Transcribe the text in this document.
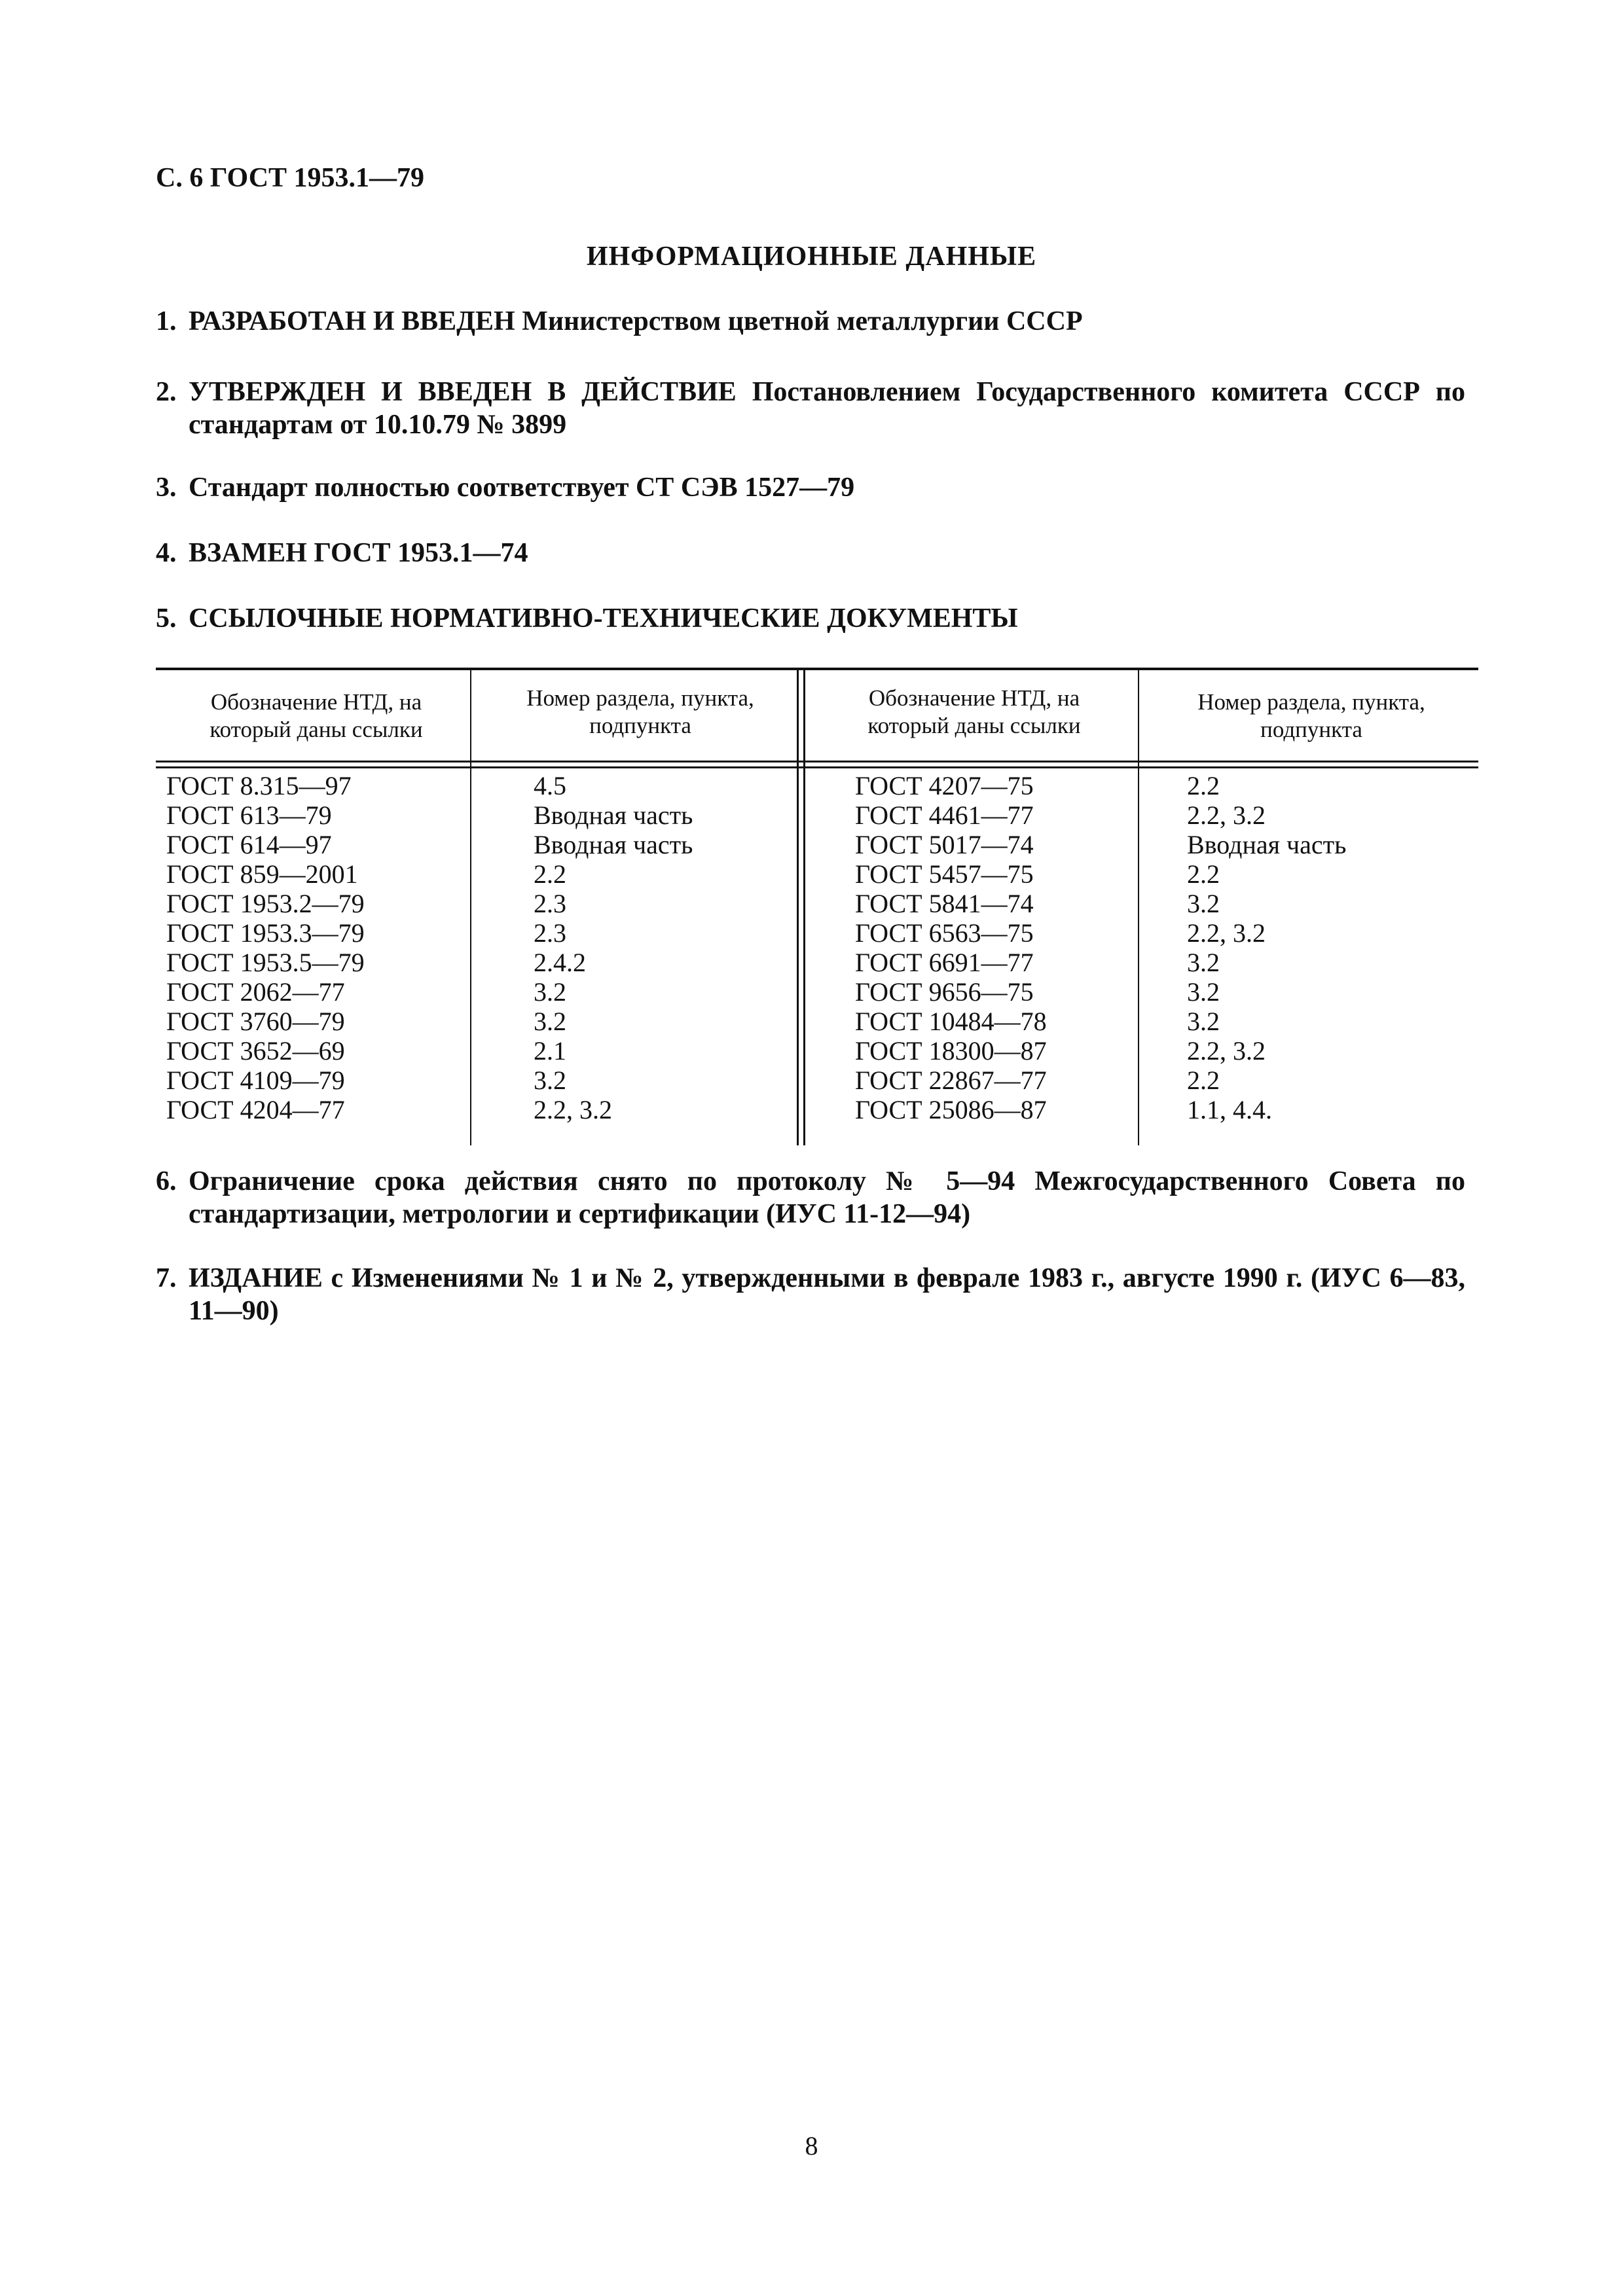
С. 6 ГОСТ 1953.1—79
ИНФОРМАЦИОННЫЕ ДАННЫЕ
1. РАЗРАБОТАН И ВВЕДЕН Министерством цветной металлургии СССР
2. УТВЕРЖДЕН И ВВЕДЕН В ДЕЙСТВИЕ Постановлением Государственного комитета СССР по стандартам от 10.10.79 № 3899
3. Стандарт полностью соответствует СТ СЭВ 1527—79
4. ВЗАМЕН ГОСТ 1953.1—74
5. ССЫЛОЧНЫЕ НОРМАТИВНО-ТЕХНИЧЕСКИЕ ДОКУМЕНТЫ
Обозначение НТД, на который даны ссылки
Номер раздела, пункта, подпункта
Обозначение НТД, на который даны ссылки
Номер раздела, пункта, подпункта
ГОСТ 8.315—97
ГОСТ 613—79
ГОСТ 614—97
ГОСТ 859—2001
ГОСТ 1953.2—79
ГОСТ 1953.3—79
ГОСТ 1953.5—79
ГОСТ 2062—77
ГОСТ 3760—79
ГОСТ 3652—69
ГОСТ 4109—79
ГОСТ 4204—77
4.5
Вводная часть
Вводная часть
2.2
2.3
2.3
2.4.2
3.2
3.2
2.1
3.2
2.2, 3.2
ГОСТ 4207—75
ГОСТ 4461—77
ГОСТ 5017—74
ГОСТ 5457—75
ГОСТ 5841—74
ГОСТ 6563—75
ГОСТ 6691—77
ГОСТ 9656—75
ГОСТ 10484—78
ГОСТ 18300—87
ГОСТ 22867—77
ГОСТ 25086—87
2.2
2.2, 3.2
Вводная часть
2.2
3.2
2.2, 3.2
3.2
3.2
3.2
2.2, 3.2
2.2
1.1, 4.4.
6. Ограничение срока действия снято по протоколу № 5—94 Межгосударственного Совета по стандартизации, метрологии и сертификации (ИУС 11-12—94)
7. ИЗДАНИЕ с Изменениями № 1 и № 2, утвержденными в феврале 1983 г., августе 1990 г. (ИУС 6—83, 11—90)
8
